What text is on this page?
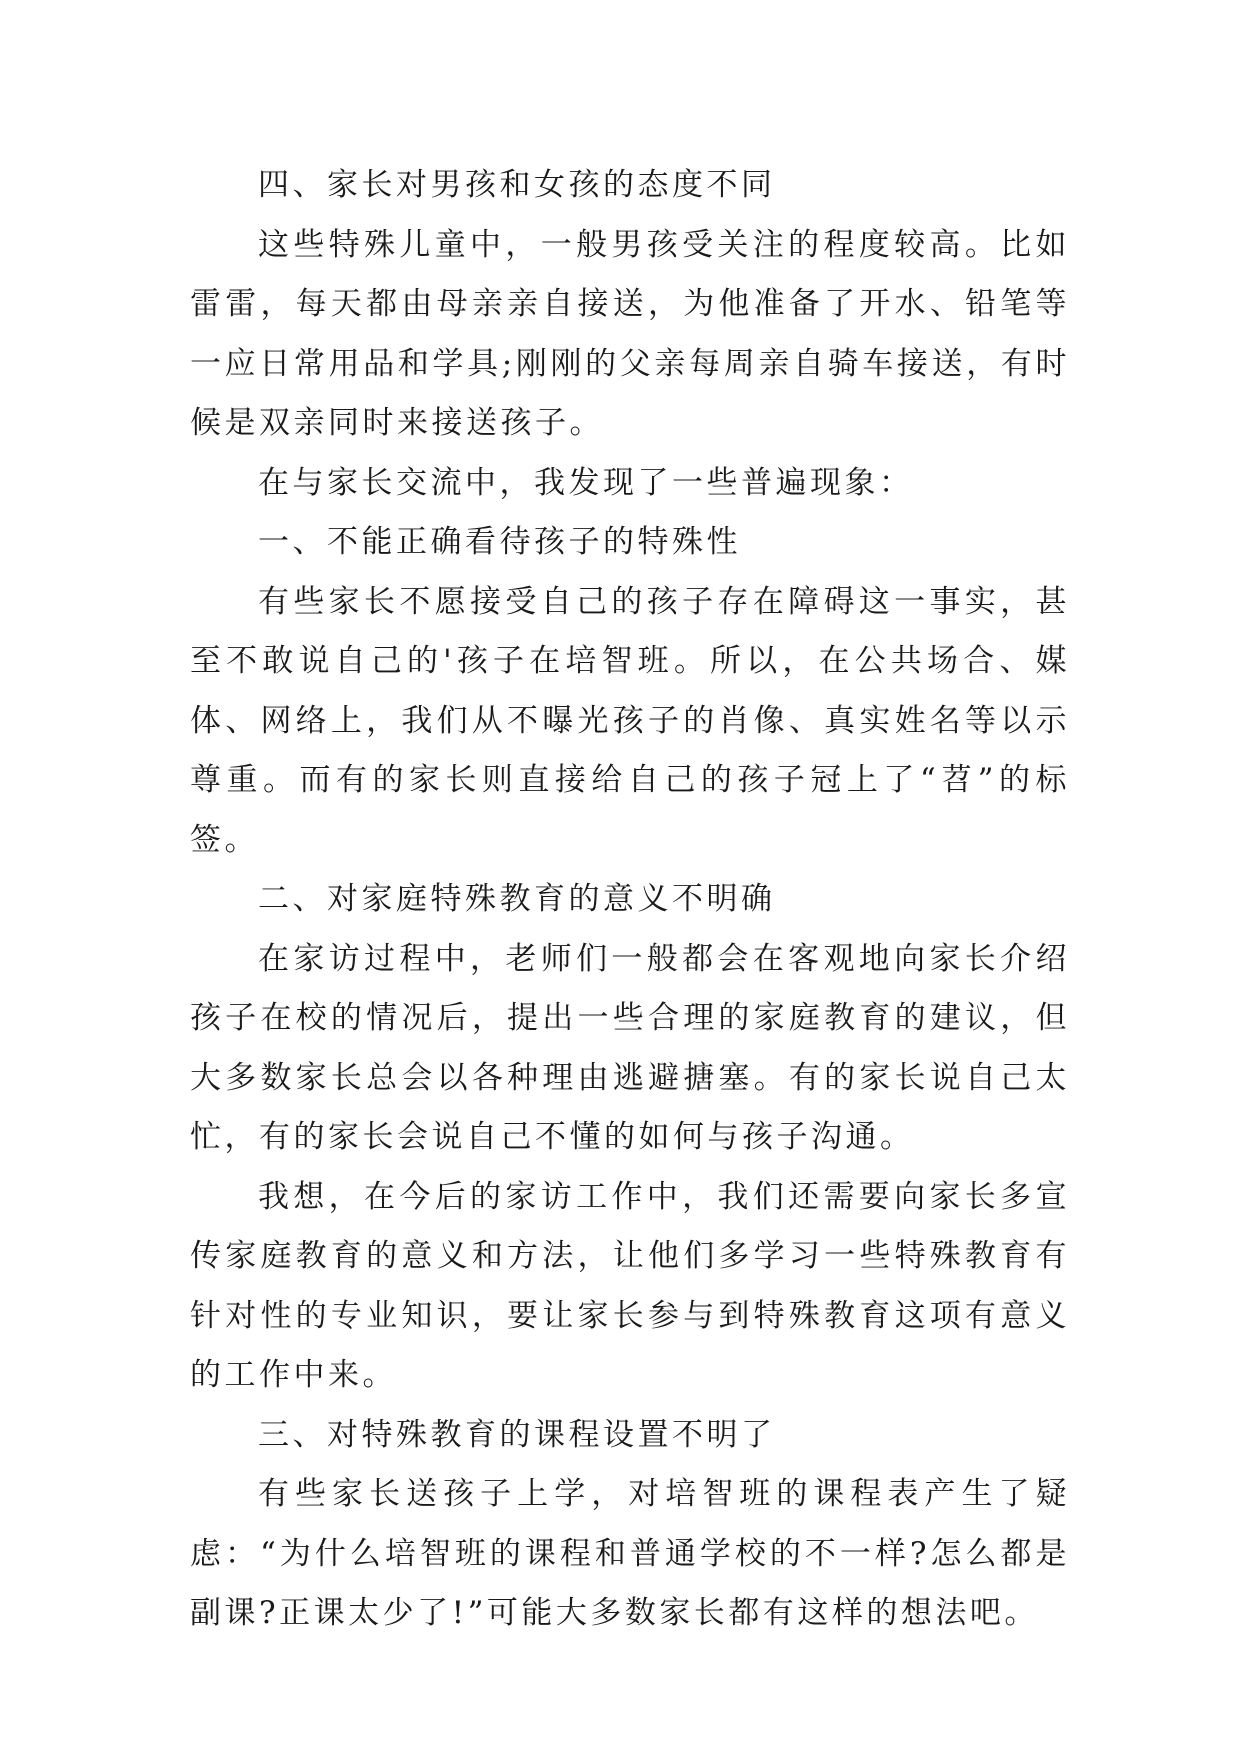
四、家长对男孩和女孩的态度不同

这些特殊儿童中，一般男孩受关注的程度较高。比如雷雷，每天都由母亲亲自接送，为他准备了开水、铅笔等一应日常用品和学具;刚刚的父亲每周亲自骑车接送，有时候是双亲同时来接送孩子。

在与家长交流中，我发现了一些普遍现象：

一、不能正确看待孩子的特殊性

有些家长不愿接受自己的孩子存在障碍这一事实，甚至不敢说自己的'孩子在培智班。所以，在公共场合、媒体、网络上，我们从不曝光孩子的肖像、真实姓名等以示尊重。而有的家长则直接给自己的孩子冠上了“苕”的标签。

二、对家庭特殊教育的意义不明确

在家访过程中，老师们一般都会在客观地向家长介绍孩子在校的情况后，提出一些合理的家庭教育的建议，但大多数家长总会以各种理由逃避搪塞。有的家长说自己太忙，有的家长会说自己不懂的如何与孩子沟通。

我想，在今后的家访工作中，我们还需要向家长多宣传家庭教育的意义和方法，让他们多学习一些特殊教育有针对性的专业知识，要让家长参与到特殊教育这项有意义的工作中来。

三、对特殊教育的课程设置不明了

有些家长送孩子上学，对培智班的课程表产生了疑虑：“为什么培智班的课程和普通学校的不一样?怎么都是副课?正课太少了!”可能大多数家长都有这样的想法吧。
